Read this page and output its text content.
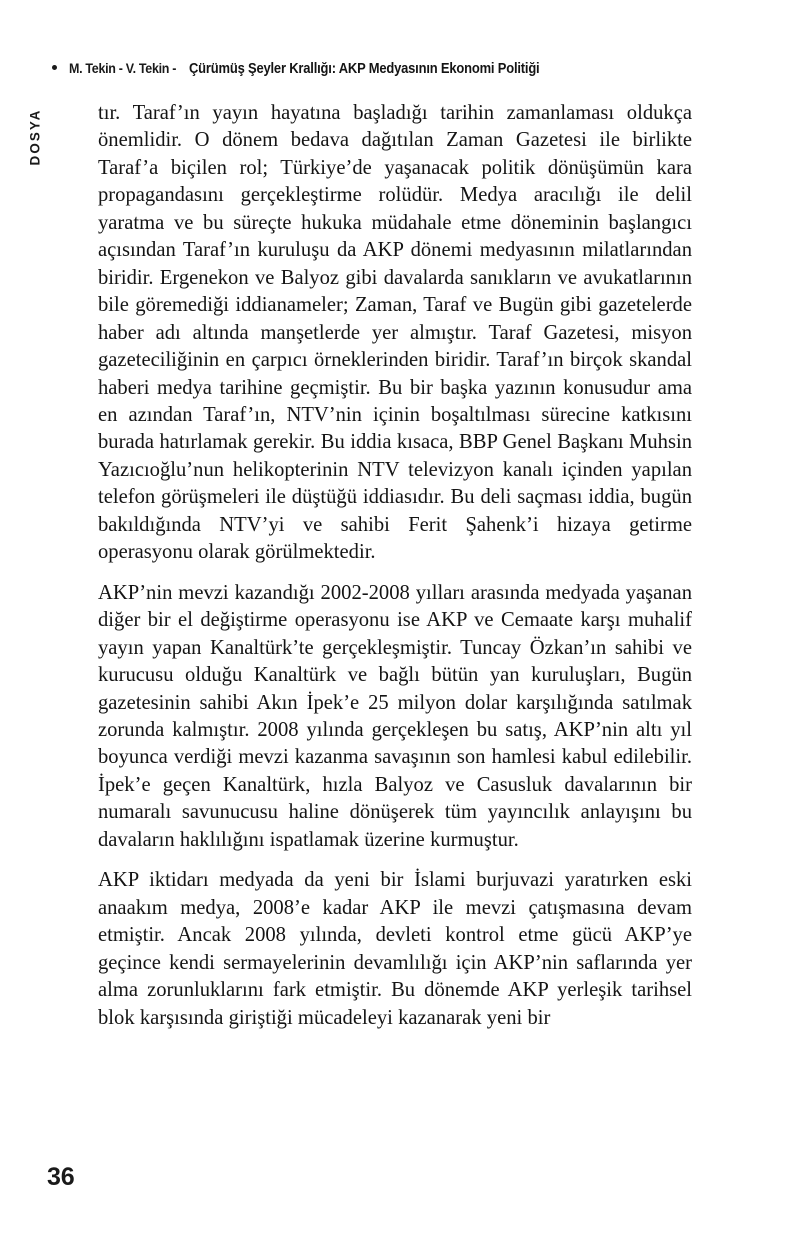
M. Tekin - V. Tekin - Çürümüş Şeyler Krallığı: AKP Medyasının Ekonomi Politiği
DOSYA	tır. Taraf’ın yayın hayatına başladığı tarihin zamanlaması oldukça önemlidir. O dönem bedava dağıtılan Zaman Gazetesi ile birlikte Taraf’a biçilen rol; Türkiye’de yaşanacak politik dönüşümün kara propagandasını gerçekleştirme rolüdür. Medya aracılığı ile delil yaratma ve bu süreçte hukuka müdahale etme döneminin başlangıcı açısından Taraf’ın kuruluşu da AKP dönemi medyasının milatlarından biridir. Ergenekon ve Balyoz gibi davalarda sanıkların ve avukatlarının bile göremediği iddianameler; Zaman, Taraf ve Bugün gibi gazetelerde haber adı altında manşetlerde yer almıştır. Taraf Gazetesi, misyon gazeteciliğinin en çarpıcı örneklerinden biridir. Taraf’ın birçok skandal haberi medya tarihine geçmiştir. Bu bir başka yazının konusudur ama en azından Taraf’ın, NTV’nin içinin boşaltılması sürecine katkısını burada hatırlamak gerekir. Bu iddia kısaca, BBP Genel Başkanı Muhsin Yazıcıoğlu’nun helikopterinin NTV televizyon kanalı içinden yapılan telefon görüşmeleri ile düştüğü iddiasıdır. Bu deli saçması iddia, bugün bakıldığında NTV’yi ve sahibi Ferit Şahenk’i hizaya getirme operasyonu olarak görülmektedir.

AKP’nin mevzi kazandığı 2002-2008 yılları arasında medyada yaşanan diğer bir el değiştirme operasyonu ise AKP ve Cemaate karşı muhalif yayın yapan Kanaltürk’te gerçekleşmiştir. Tuncay Özkan’ın sahibi ve kurucusu olduğu Kanaltürk ve bağlı bütün yan kuruluşları, Bugün gazetesinin sahibi Akın İpek’e 25 milyon dolar karşılığında satılmak zorunda kalmıştır. 2008 yılında gerçekleşen bu satış, AKP’nin altı yıl boyunca verdiği mevzi kazanma savaşının son hamlesi kabul edilebilir. İpek’e geçen Kanaltürk, hızla Balyoz ve Casusluk davalarının bir numaralı savunucusu haline dönüşerek tüm yayıncılık anlayışını bu davaların haklılığını ispatlamak üzerine kurmuştur.

AKP iktidarı medyada da yeni bir İslami burjuvazi yaratırken eski anaakım medya, 2008’e kadar AKP ile mevzi çatışmasına devam etmiştir. Ancak 2008 yılında, devleti kontrol etme gücü AKP’ye geçince kendi sermayelerinin devamlılığı için AKP’nin saflarında yer alma zorunluklarını fark etmiştir. Bu dönemde AKP yerleşik tarihsel blok karşısında giriştiği mücadeleyi kazanarak yeni bir

36
